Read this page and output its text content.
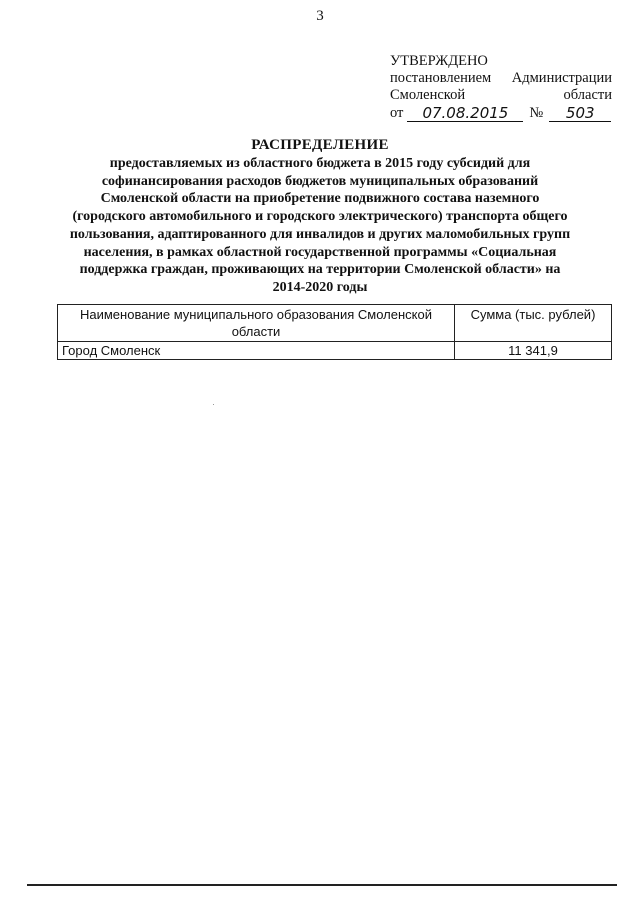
3
УТВЕРЖДЕНО
постановлением Администрации
Смоленской	области
от	07.08.2015	№	503
РАСПРЕДЕЛЕНИЕ
предоставляемых из областного бюджета в 2015 году субсидий для
софинансирования расходов бюджетов муниципальных образований
Смоленской области на приобретение подвижного состава наземного
(городского автомобильного и городского электрического) транспорта общего
пользования, адаптированного для инвалидов и других маломобильных групп
населения, в рамках областной государственной программы «Социальная
поддержка граждан, проживающих на территории Смоленской области» на
2014-2020 годы
Наименование муниципального образования Смоленской области	Сумма (тыс. рублей)
Город Смоленск	11 341,9
